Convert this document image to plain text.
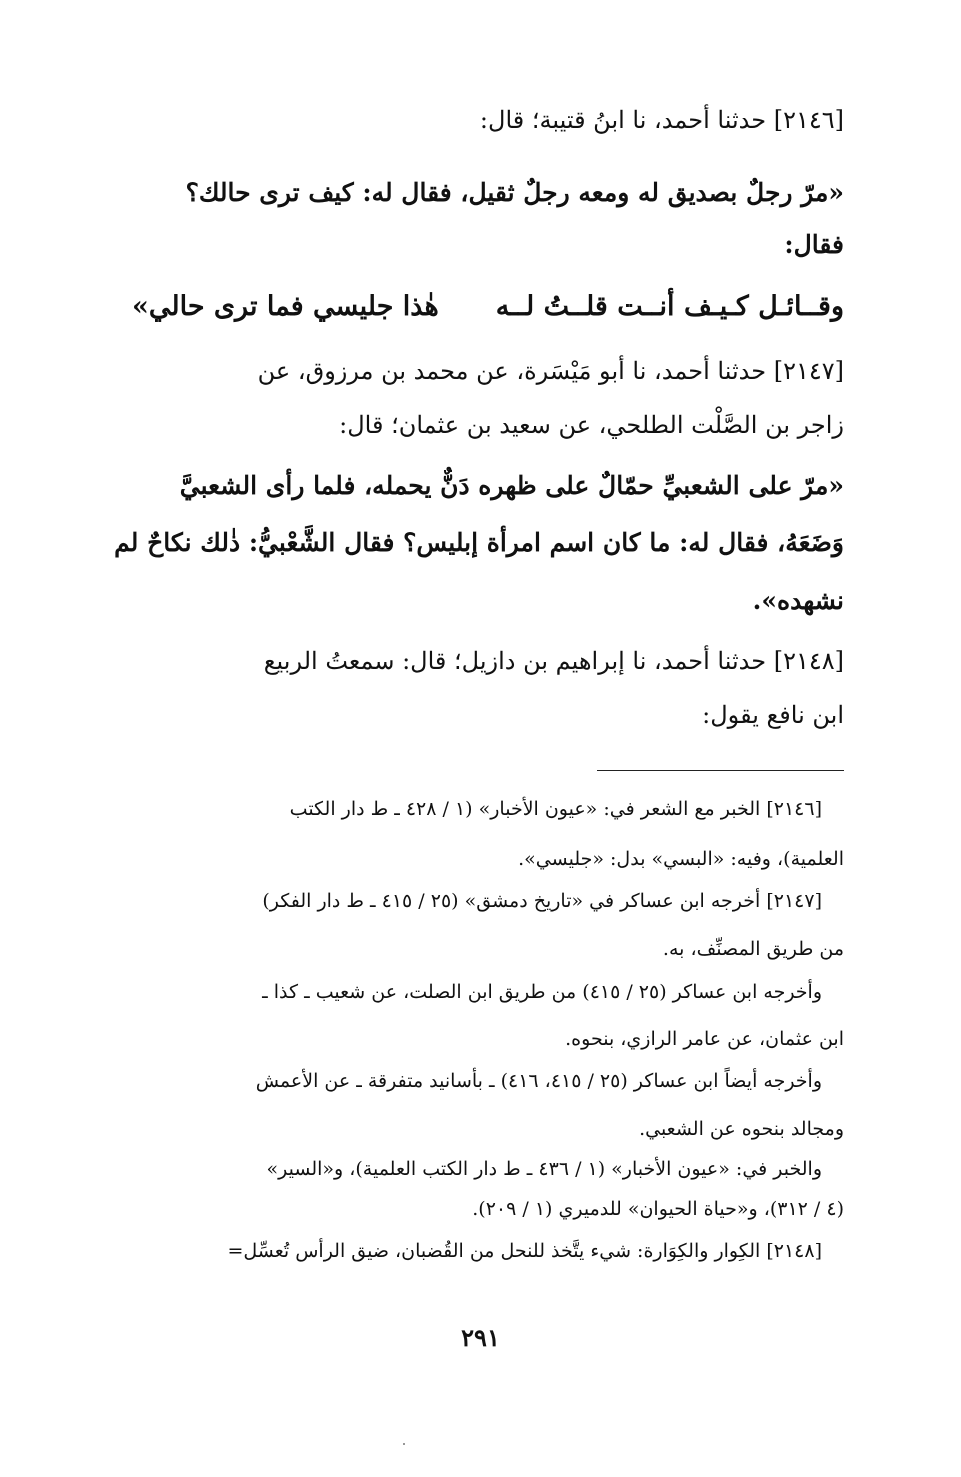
[٢١٤٦] حدثنا أحمد، نا ابنُ قتيبة؛ قال:
«مرّ رجلٌ بصديق له ومعه رجلٌ ثقيل، فقال له: كيف ترى حالك؟
فقال:
وقــائـل كـيـف أنــت قلــتُ لــه
هٰذا جليسي فما ترى حالي»
[٢١٤٧] حدثنا أحمد، نا أبو مَيْسَرة، عن محمد بن مرزوق، عن
زاجر بن الصَّلْت الطلحي، عن سعيد بن عثمان؛ قال:
«مرّ على الشعبيِّ حمّالٌ على ظهره دَنٌّ يحمله، فلما رأى الشعبيَّ
وَضَعَهُ، فقال له: ما كان اسم امرأة إبليس؟ فقال الشَّعْبيُّ: ذٰلك نكاحٌ لم
نشهده».
[٢١٤٨] حدثنا أحمد، نا إبراهيم بن دازيل؛ قال: سمعتُ الربيع
ابن نافع يقول:
[٢١٤٦] الخبر مع الشعر في: «عيون الأخبار» (١ / ٤٢٨ ـ ط دار الكتب
العلمية)، وفيه: «البسي» بدل: «جليسي».
[٢١٤٧] أخرجه ابن عساكر في «تاريخ دمشق» (٢٥ / ٤١٥ ـ ط دار الفكر)
من طريق المصنِّف، به.
وأخرجه ابن عساكر (٢٥ / ٤١٥) من طريق ابن الصلت، عن شعيب ـ كذا ـ
ابن عثمان، عن عامر الرازي، بنحوه.
وأخرجه أيضاً ابن عساكر (٢٥ / ٤١٥، ٤١٦) ـ بأسانيد متفرقة ـ عن الأعمش
ومجالد بنحوه عن الشعبي.
والخبر في: «عيون الأخبار» (١ / ٤٣٦ ـ ط دار الكتب العلمية)، و«السير»
(٤ / ٣١٢)، و«حياة الحيوان» للدميري (١ / ٢٠٩).
[٢١٤٨] الكِوار والكِوَارة: شيء يتَّخذ للنحل من القُضبان، ضيق الرأس تُعسِّل=
٢٩١
